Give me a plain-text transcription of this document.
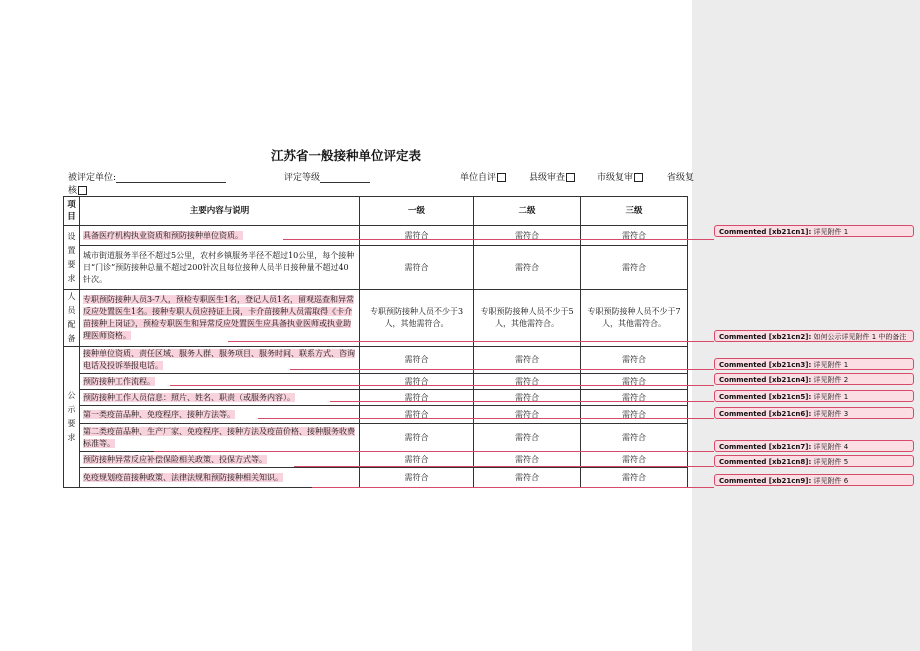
江苏省一般接种单位评定表
被评定单位:	评定等级	单位自评	县级审查	市级复审	省级复
核
项目	主要内容与说明	一级	二级	三级
设置要求	具备医疗机构执业资质和预防接种单位资质。	需符合	需符合	需符合
	城市街道服务半径不超过5公里，农村乡镇服务半径不超过10公里，每个接种日“门诊”预防接种总量不超过200针次且每位接种人员半日接种量不超过40针次。	需符合	需符合	需符合
人员配备	专职预防接种人员3-7人，预检专职医生1名，登记人员1名，留观巡查和异常反应处置医生1名。接种专职人员应持证上岗，卡介苗接种人员需取得《卡介苗接种上岗证》，预检专职医生和异常反应处置医生应具备执业医师或执业助理医师资格。	专职预防接种人员不少于3人，其他需符合。	专职预防接种人员不少于5人，其他需符合。	专职预防接种人员不少于7人，其他需符合。
公示要求	接种单位资质、责任区域、服务人群、服务项目、服务时间、联系方式、咨询电话及投诉举报电话。	需符合	需符合	需符合
	预防接种工作流程。	需符合	需符合	需符合
	预防接种工作人员信息：照片、姓名、职责（或服务内容）。	需符合	需符合	需符合
	第一类疫苗品种、免疫程序、接种方法等。	需符合	需符合	需符合
	第二类疫苗品种、生产厂家、免疫程序、接种方法及疫苗价格、接种服务收费标准等。	需符合	需符合	需符合
	预防接种异常反应补偿保险相关政策、投保方式等。	需符合	需符合	需符合
	免疫规划疫苗接种政策、法律法规和预防接种相关知识。	需符合	需符合	需符合
Commented [xb21cn1]: 详见附件 1
Commented [xb21cn2]: 如何公示详见附件 1 中的备注
Commented [xb21cn3]: 详见附件 1
Commented [xb21cn4]: 详见附件 2
Commented [xb21cn5]: 详见附件 1
Commented [xb21cn6]: 详见附件 3
Commented [xb21cn7]: 详见附件 4
Commented [xb21cn8]: 详见附件 5
Commented [xb21cn9]: 详见附件 6
